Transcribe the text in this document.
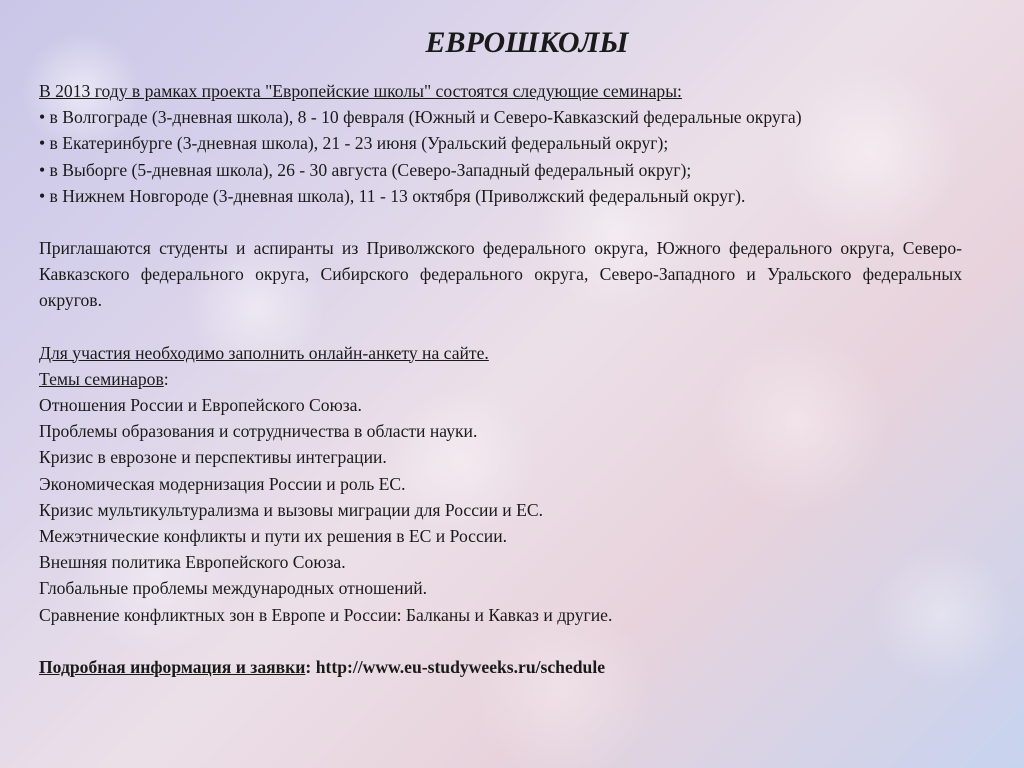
ЕВРОШКОЛЫ
В 2013 году в рамках проекта "Европейские школы" состоятся следующие семинары:
• в Волгограде (3-дневная школа), 8 - 10 февраля (Южный и Северо-Кавказский федеральные округа)
• в Екатеринбурге (3-дневная школа), 21 - 23 июня (Уральский федеральный округ);
• в Выборге (5-дневная школа), 26 - 30 августа (Северо-Западный федеральный округ);
• в Нижнем Новгороде (3-дневная школа), 11 - 13 октября (Приволжский федеральный округ).
Приглашаются студенты и аспиранты из Приволжского федерального округа, Южного федерального округа, Северо-Кавказского федерального округа, Сибирского федерального округа, Северо-Западного и Уральского федеральных округов.
Для участия необходимо заполнить онлайн-анкету на сайте.
Темы семинаров:
Отношения России и Европейского Союза.
Проблемы образования и сотрудничества в области науки.
Кризис в еврозоне и перспективы интеграции.
Экономическая модернизация России и роль ЕС.
Кризис мультикультурализма и вызовы миграции для России и ЕС.
Межэтнические конфликты и пути их решения в ЕС и России.
Внешняя политика Европейского Союза.
Глобальные проблемы международных отношений.
Сравнение конфликтных зон в Европе и России: Балканы и Кавказ и другие.
Подробная информация и заявки: http://www.eu-studyweeks.ru/schedule
